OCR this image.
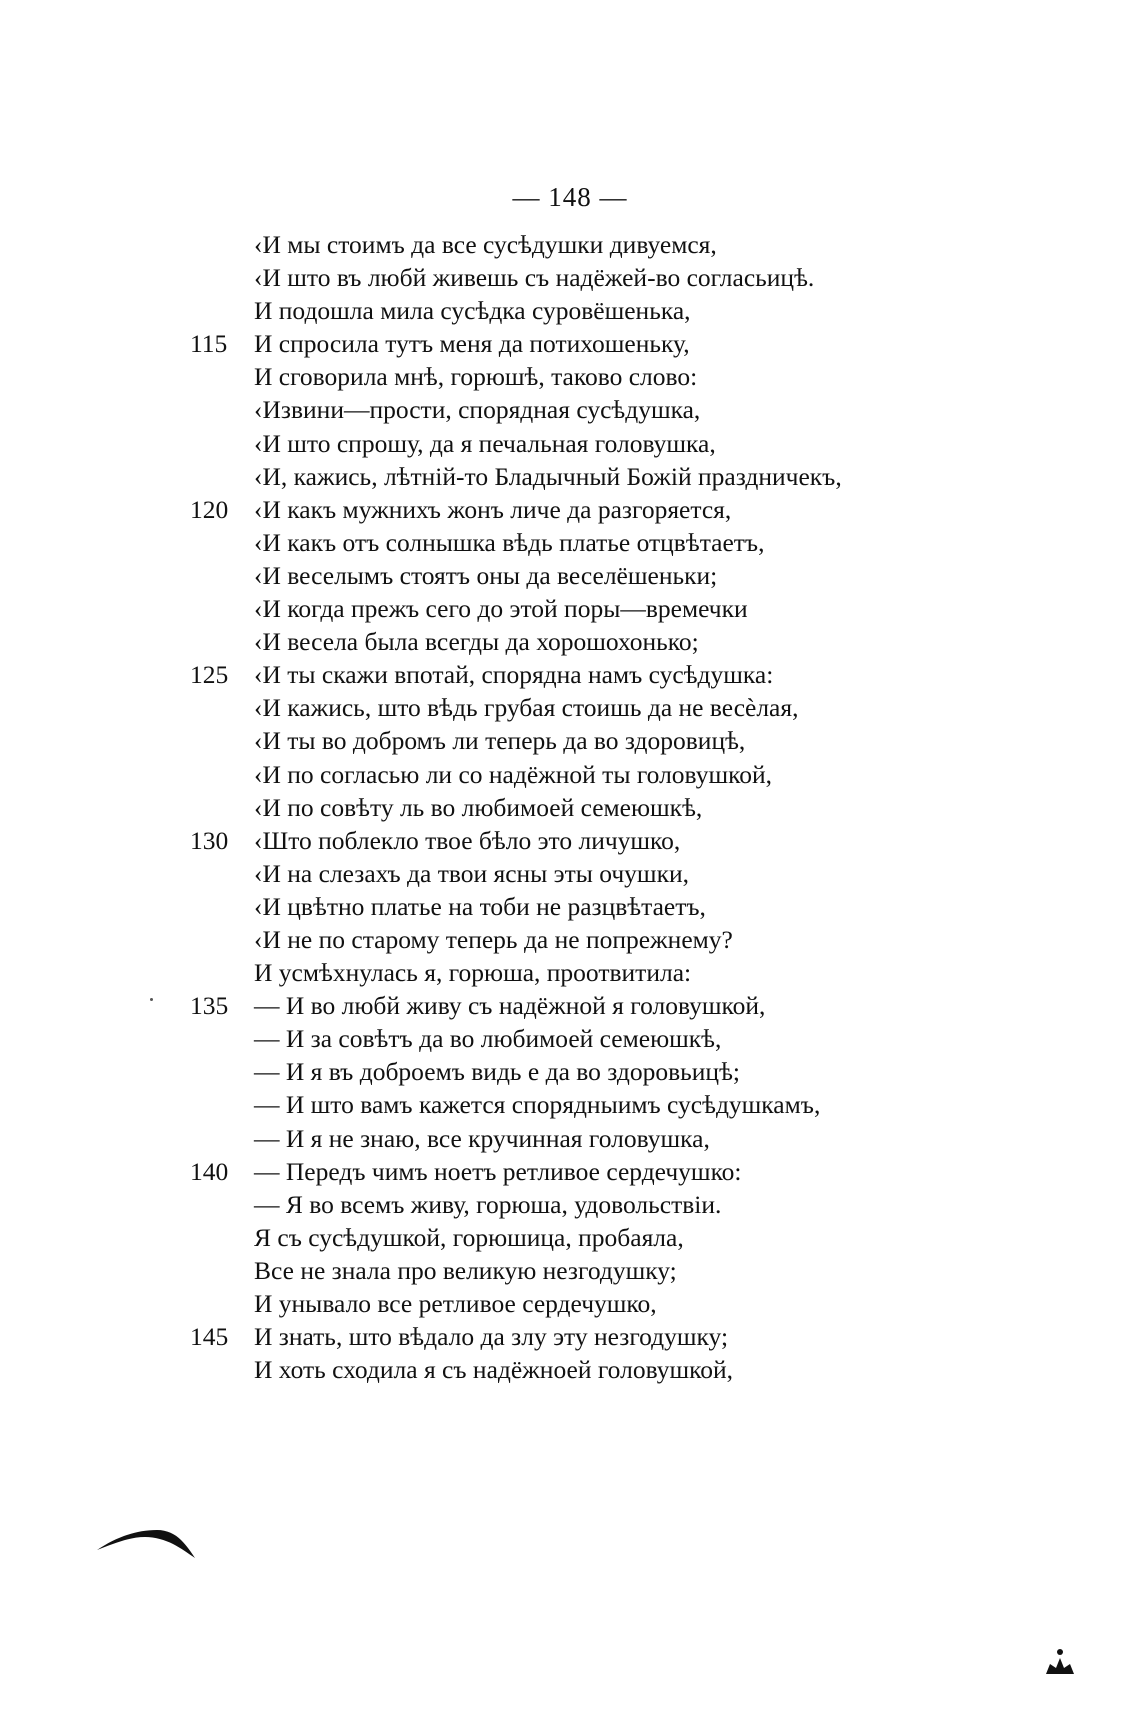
— 148 —
‹И мы стоимъ да все сусѣдушки дивуемся,
‹И што въ любй живешь съ надёжей-во согласьицѣ.
И подошла мила сусѣдка суровёшенька,
115	И спросила тутъ меня да потихошеньку,
И сговорила мнѣ, горюшѣ, таково слово:
‹Извини—прости, спорядная сусѣдушка,
‹И што спрошу, да я печальная головушка,
‹И, кажись, лѣтній-то Бладычный Божій праздничекъ,
120	‹И какъ мужнихъ жонъ личе да разгоряется,
‹И какъ отъ солнышка вѣдь платье отцвѣтаетъ,
‹И веселымъ стоятъ оны да веселёшеньки;
‹И когда прежъ сего до этой поры—времечки
‹И весела была всегды да хорошохонько;
125	‹И ты скажи впотай, спорядна намъ сусѣдушка:
‹И кажись, што вѣдь грубая стоишь да не весѐлая,
‹И ты во добромъ ли теперь да во здоровицѣ,
‹И по согласью ли со надёжной ты головушкой,
‹И по совѣту ль во любимоей семеюшкѣ,
130	‹Што поблекло твое бѣло это личушко,
‹И на слезахъ да твои ясны эты очушки,
‹И цвѣтно платье на тоби не разцвѣтаетъ,
‹И не по старому теперь да не попрежнему?
И усмѣхнулась я, горюша, проотвитила:
135	— И во любй живу съ надёжной я головушкой,
— И за совѣтъ да во любимоей семеюшкѣ,
— И я въ доброемъ видь е да во здоровьицѣ;
— И што вамъ кажется спорядныимъ сусѣдушкамъ,
— И я не знаю, все кручинная головушка,
140	— Передъ чимъ ноетъ ретливое сердечушко:
— Я во всемъ живу, горюша, удовольствіи.
Я съ сусѣдушкой, горюшица, пробаяла,
Все не знала про великую незгодушку;
И унывало все ретливое сердечушко,
145	И знать, што вѣдало да злу эту незгодушку;
И хоть сходила я съ надёжноей головушкой,
